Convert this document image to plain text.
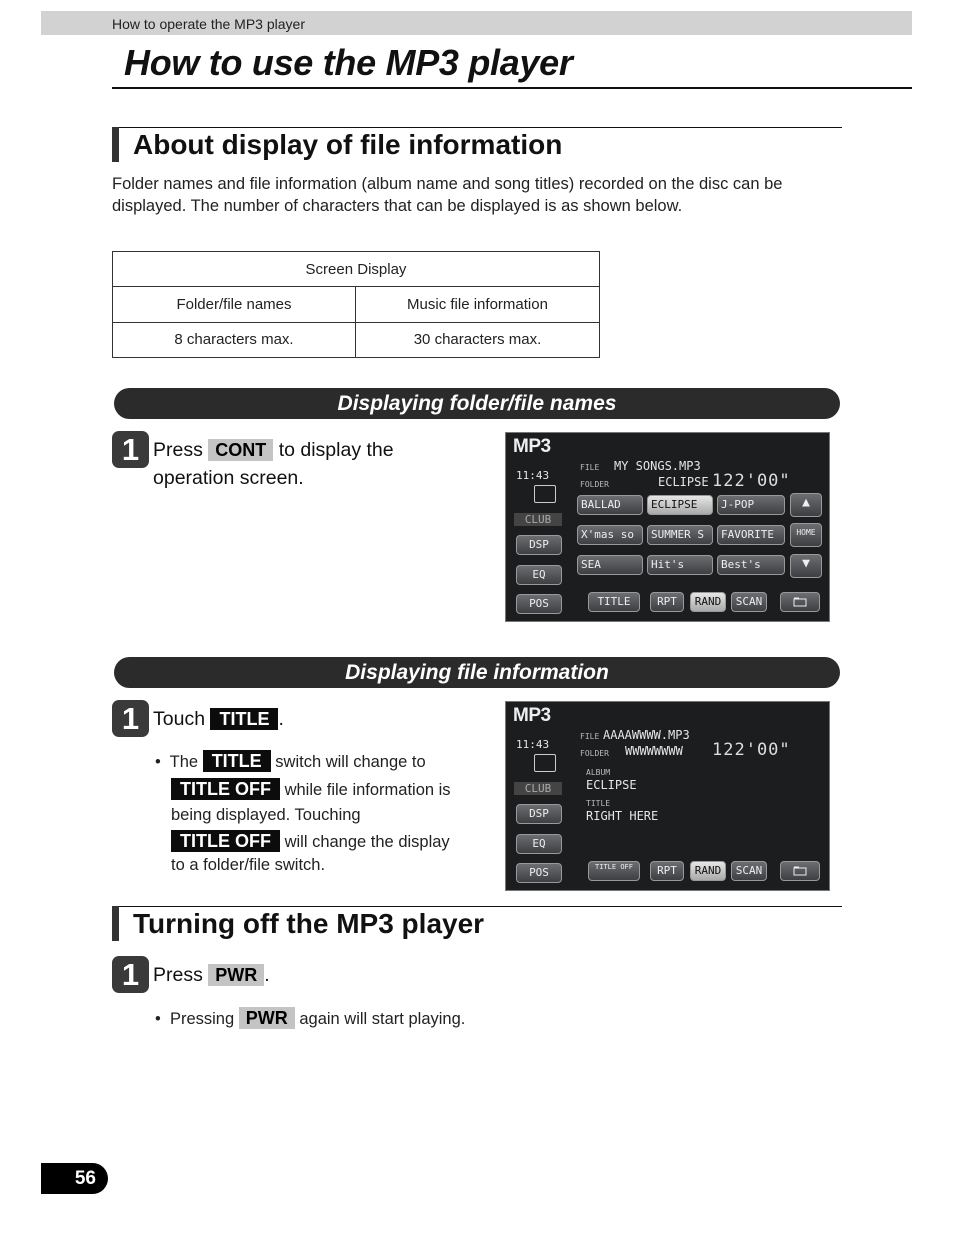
How to operate the MP3 player
How to use the MP3 player
About display of file information
Folder names and file information (album name and song titles) recorded on the disc can be displayed. The number of characters that can be displayed is as shown below.
Screen Display	
Folder/file names	Music file information
8 characters max.	30 characters max.
Displaying folder/file names
1 Press CONT to display the
operation screen.
MP3
11:43
FILE MY SONGS.MP3
FOLDER	ECLIPSE 122'00"
CLUB
DSP
EQ
POS
BALLAD	ECLIPSE	J-POP
X'mas so	SUMMER S	FAVORITE
SEA	Hit's	Best's
▲
HOME
▼
TITLE	RPT	RAND	SCAN
Displaying file information
1 Touch TITLE .
• The TITLE switch will change to
TITLE OFF while file information is
being displayed. Touching
TITLE OFF will change the display
to a folder/file switch.
MP3
11:43
FILE AAAAWWWW.MP3
FOLDER WWWWWWWW 122'00"
ALBUM
ECLIPSE
TITLE
RIGHT HERE
CLUB
DSP
EQ
POS	TITLE OFF	RPT	RAND	SCAN
Turning off the MP3 player
1 Press PWR .
• Pressing PWR again will start playing.
56
